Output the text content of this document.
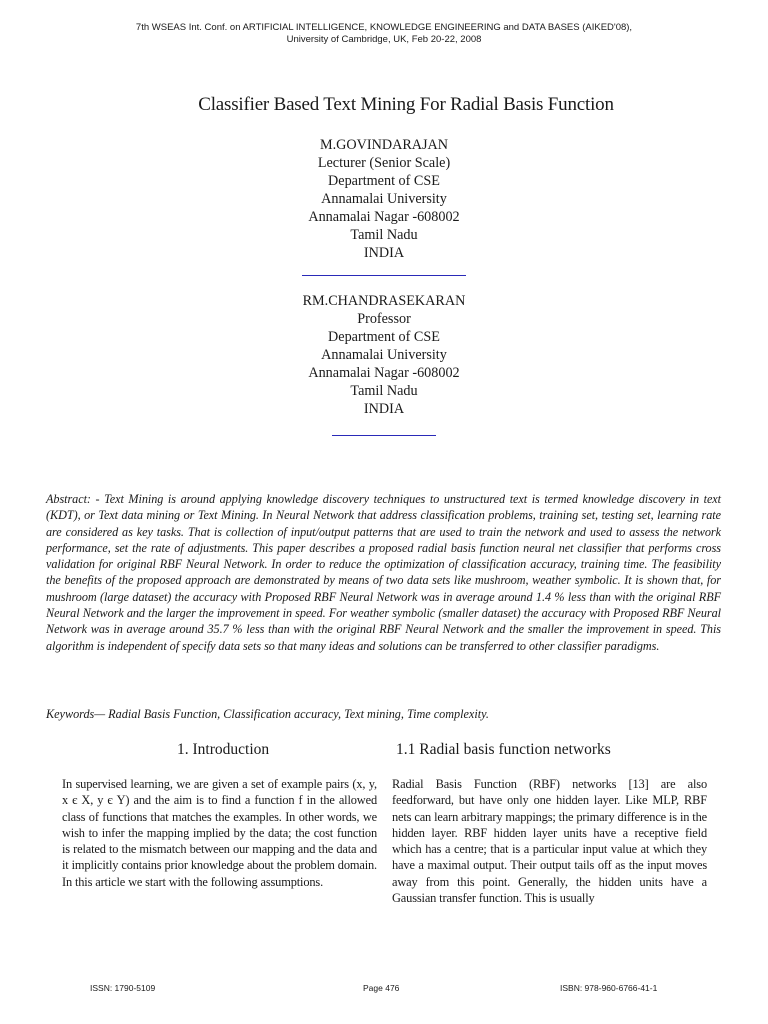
7th WSEAS Int. Conf. on ARTIFICIAL INTELLIGENCE, KNOWLEDGE ENGINEERING and DATA BASES (AIKED'08),
University of Cambridge, UK, Feb 20-22, 2008
Classifier Based Text Mining For Radial Basis Function
M.GOVINDARAJAN
Lecturer (Senior Scale)
Department of CSE
Annamalai University
Annamalai Nagar -608002
Tamil Nadu
INDIA
RM.CHANDRASEKARAN
Professor
Department of CSE
Annamalai University
Annamalai Nagar -608002
Tamil Nadu
INDIA
Abstract: - Text Mining is around applying knowledge discovery techniques to unstructured text is termed knowledge discovery in text (KDT), or Text data mining or Text Mining. In Neural Network that address classification problems, training set, testing set, learning rate are considered as key tasks. That is collection of input/output patterns that are used to train the network and used to assess the network performance, set the rate of adjustments. This paper describes a proposed radial basis function neural net classifier that performs cross validation for original RBF Neural Network. In order to reduce the optimization of classification accuracy, training time. The feasibility the benefits of the proposed approach are demonstrated by means of two data sets like mushroom, weather symbolic. It is shown that, for mushroom (large dataset) the accuracy with Proposed RBF Neural Network was in average around 1.4 % less than with the original RBF Neural Network and the larger the improvement in speed. For weather symbolic (smaller dataset) the accuracy with Proposed RBF Neural Network was in average around 35.7 % less than with the original RBF Neural Network and the smaller the improvement in speed. This algorithm is independent of specify data sets so that many ideas and solutions can be transferred to other classifier paradigms.
Keywords— Radial Basis Function, Classification accuracy, Text mining, Time complexity.
1. Introduction	1.1 Radial basis function networks
In supervised learning, we are given a set of example pairs (x, y, x є X, y є Y) and the aim is to find a function f in the allowed class of functions that matches the examples. In other words, we wish to infer the mapping implied by the data; the cost function is related to the mismatch between our mapping and the data and it implicitly contains prior knowledge about the problem domain. In this article we start with the following assumptions.
Radial Basis Function (RBF) networks [13] are also feedforward, but have only one hidden layer. Like MLP, RBF nets can learn arbitrary mappings; the primary difference is in the hidden layer. RBF hidden layer units have a receptive field which has a centre; that is a particular input value at which they have a maximal output. Their output tails off as the input moves away from this point. Generally, the hidden units have a Gaussian transfer function. This is usually
ISSN: 1790-5109	Page 476	ISBN: 978-960-6766-41-1
